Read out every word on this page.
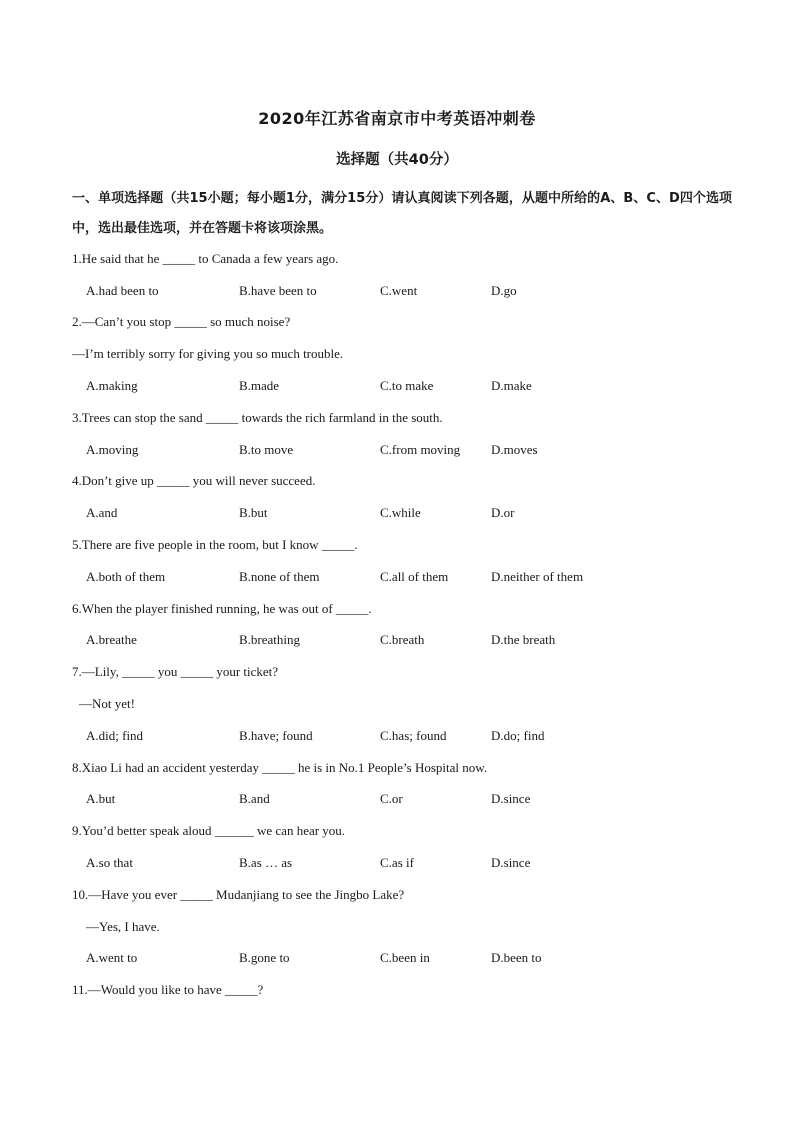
2020年江苏省南京市中考英语冲刺卷
选择题（共40分）
一、单项选择题（共15小题；每小题1分，满分15分）请认真阅读下列各题，从题中所给的A、B、C、D四个选项中，选出最佳选项，并在答题卡将该项涂黑。
1.He said that he _____ to Canada a few years ago.
A.had been to	B.have been to	C.went	D.go
2.—Can’t you stop _____ so much noise?
—I’m terribly sorry for giving you so much trouble.
A.making	B.made	C.to make	D.make
3.Trees can stop the sand _____ towards the rich farmland in the south.
A.moving	B.to move	C.from moving D.moves
4.Don’t give up _____ you will never succeed.
A.and	B.but	C.while	D.or
5.There are five people in the room, but I know _____.
A.both of them	B.none of them	C.all of them	D.neither of them
6.When the player finished running, he was out of _____.
A.breathe	B.breathing	C.breath	D.the breath
7.—Lily, _____ you _____ your ticket?
—Not yet!
A.did; find	B.have; found	C.has; found	D.do; find
8.Xiao Li had an accident yesterday _____ he is in No.1 People’s Hospital now.
A.but	B.and	C.or	D.since
9.You’d better speak aloud ______ we can hear you.
A.so that	B.as … as	C.as if	D.since
10.—Have you ever _____ Mudanjiang to see the Jingbo Lake?
—Yes, I have.
A.went to	B.gone to	C.been in	D.been to
11.—Would you like to have _____?
